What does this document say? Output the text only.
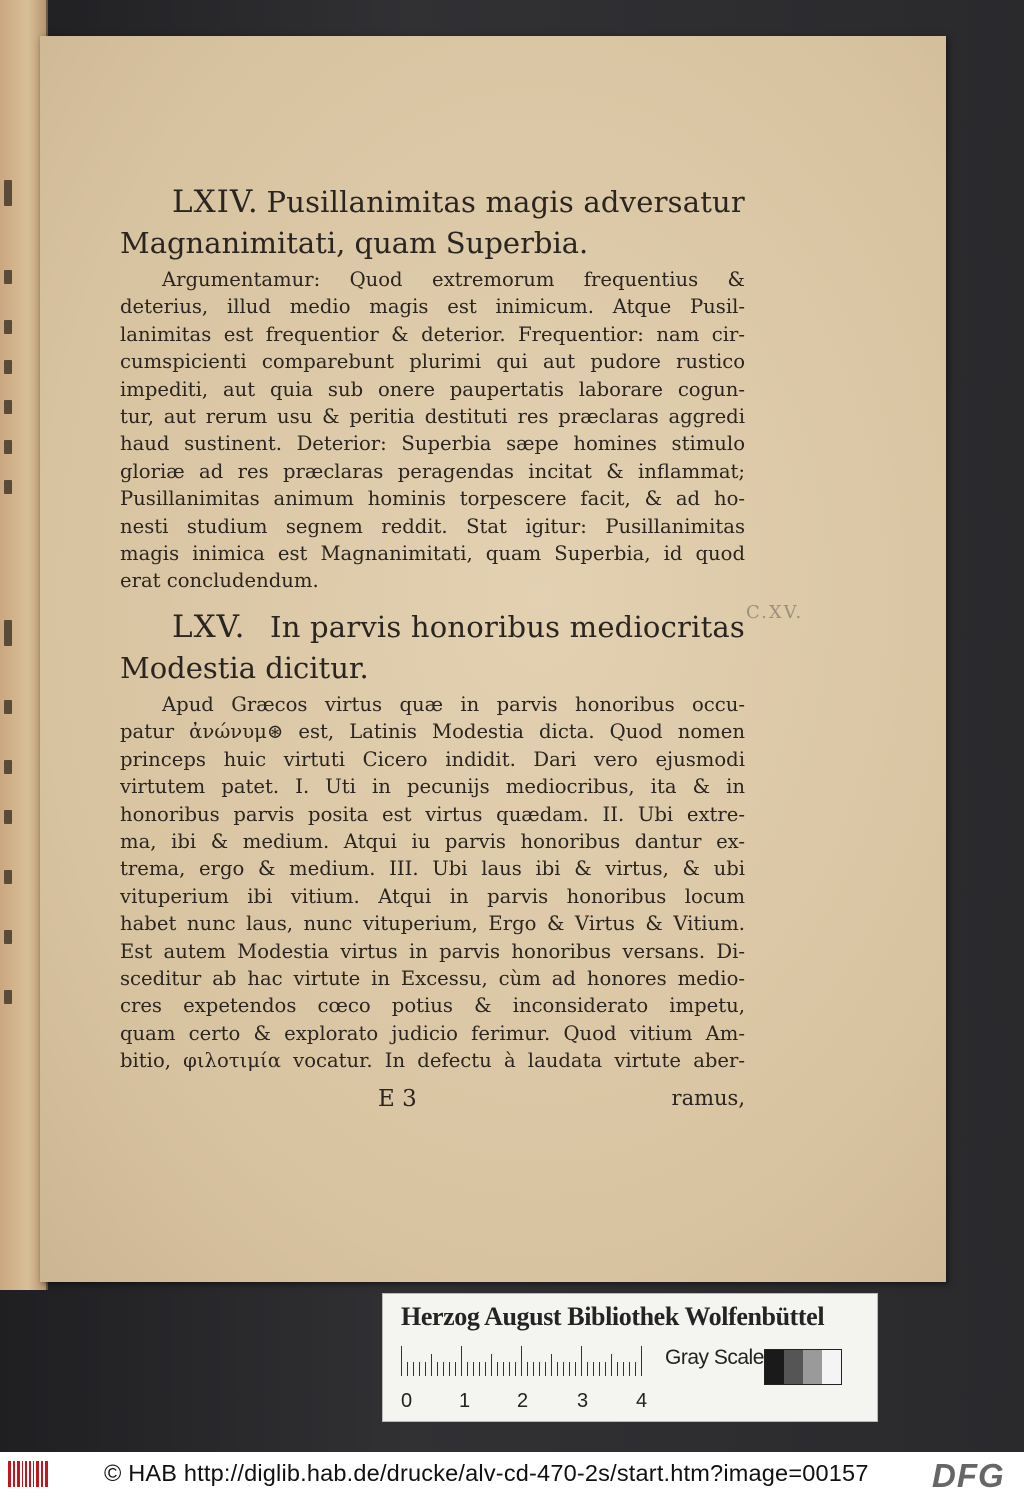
LXIV. Pusillanimitas magis adversatur
Magnanimitati, quam Superbia.
Argumentamur: Quod extremorum frequentius &
deterius, illud medio magis est inimicum. Atque Pusil-
lanimitas est frequentior & deterior. Frequentior: nam cir-
cumspicienti comparebunt plurimi qui aut pudore rustico
impediti, aut quia sub onere paupertatis laborare cogun-
tur, aut rerum usu & peritia destituti res præclaras aggredi
haud sustinent. Deterior: Superbia sæpe homines stimulo
gloriæ ad res præclaras peragendas incitat & inflammat;
Pusillanimitas animum hominis torpescere facit, & ad ho-
nesti studium segnem reddit. Stat igitur: Pusillanimitas
magis inimica est Magnanimitati, quam Superbia, id quod
erat concludendum.
LXV. In parvis honoribus mediocritas
Modestia dicitur.
Apud Græcos virtus quæ in parvis honoribus occu-
patur ἀνώνυμ⊛ est, Latinis Modestia dicta. Quod nomen
princeps huic virtuti Cicero indidit. Dari vero ejusmodi
virtutem patet. I. Uti in pecunijs mediocribus, ita & in
honoribus parvis posita est virtus quædam. II. Ubi extre-
ma, ibi & medium. Atqui iu parvis honoribus dantur ex-
trema, ergo & medium. III. Ubi laus ibi & virtus, & ubi
vituperium ibi vitium. Atqui in parvis honoribus locum
habet nunc laus, nunc vituperium, Ergo & Virtus & Vitium.
Est autem Modestia virtus in parvis honoribus versans. Di-
sceditur ab hac virtute in Excessu, cùm ad honores medio-
cres expetendos cœco potius & inconsiderato impetu,
quam certo & explorato judicio ferimur. Quod vitium Am-
bitio, φιλοτιμία vocatur. In defectu à laudata virtute aber-
C.XV.
E 3	ramus,
Herzog August Bibliothek Wolfenbüttel
0 1 2 3 4
Gray Scale
© HAB http://diglib.hab.de/drucke/alv-cd-470-2s/start.htm?image=00157 DFG
